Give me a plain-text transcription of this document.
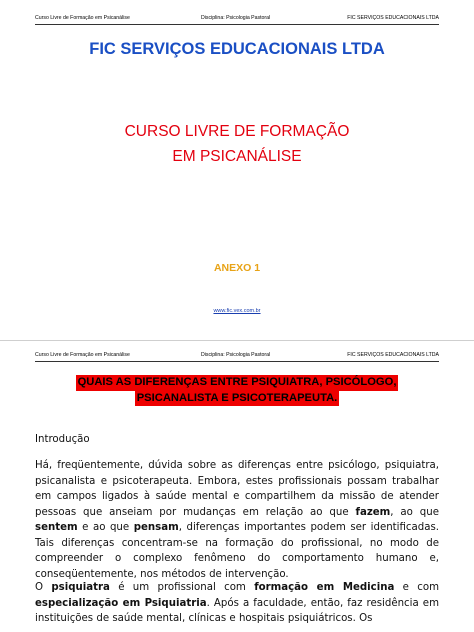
Curso Livre de Formação em Psicanálise	Disciplina: Psicologia Pastoral	FIC SERVIÇOS EDUCACIONAIS LTDA
FIC SERVIÇOS EDUCACIONAIS LTDA
CURSO LIVRE DE FORMAÇÃO
EM PSICANÁLISE
ANEXO 1
www.fic.vex.com.br
Curso Livre de Formação em Psicanálise	Disciplina: Psicologia Pastoral	FIC SERVIÇOS EDUCACIONAIS LTDA
QUAIS AS DIFERENÇAS ENTRE PSIQUIATRA, PSICÓLOGO,
PSICANALISTA E PSICOTERAPEUTA.
Introdução
Há, freqüentemente, dúvida sobre as diferenças entre psicólogo, psiquiatra, psicanalista e psicoterapeuta. Embora, estes profissionais possam trabalhar em campos ligados à saúde mental e compartilhem da missão de atender pessoas que anseiam por mudanças em relação ao que fazem, ao que sentem e ao que pensam, diferenças importantes podem ser identificadas. Tais diferenças concentram-se na formação do profissional, no modo de compreender o complexo fenômeno do comportamento humano e, conseqüentemente, nos métodos de intervenção.
O psiquiatra é um profissional com formação em Medicina e com especialização em Psiquiatria. Após a faculdade, então, faz residência em instituições de saúde mental, clínicas e hospitais psiquiátricos. Os
